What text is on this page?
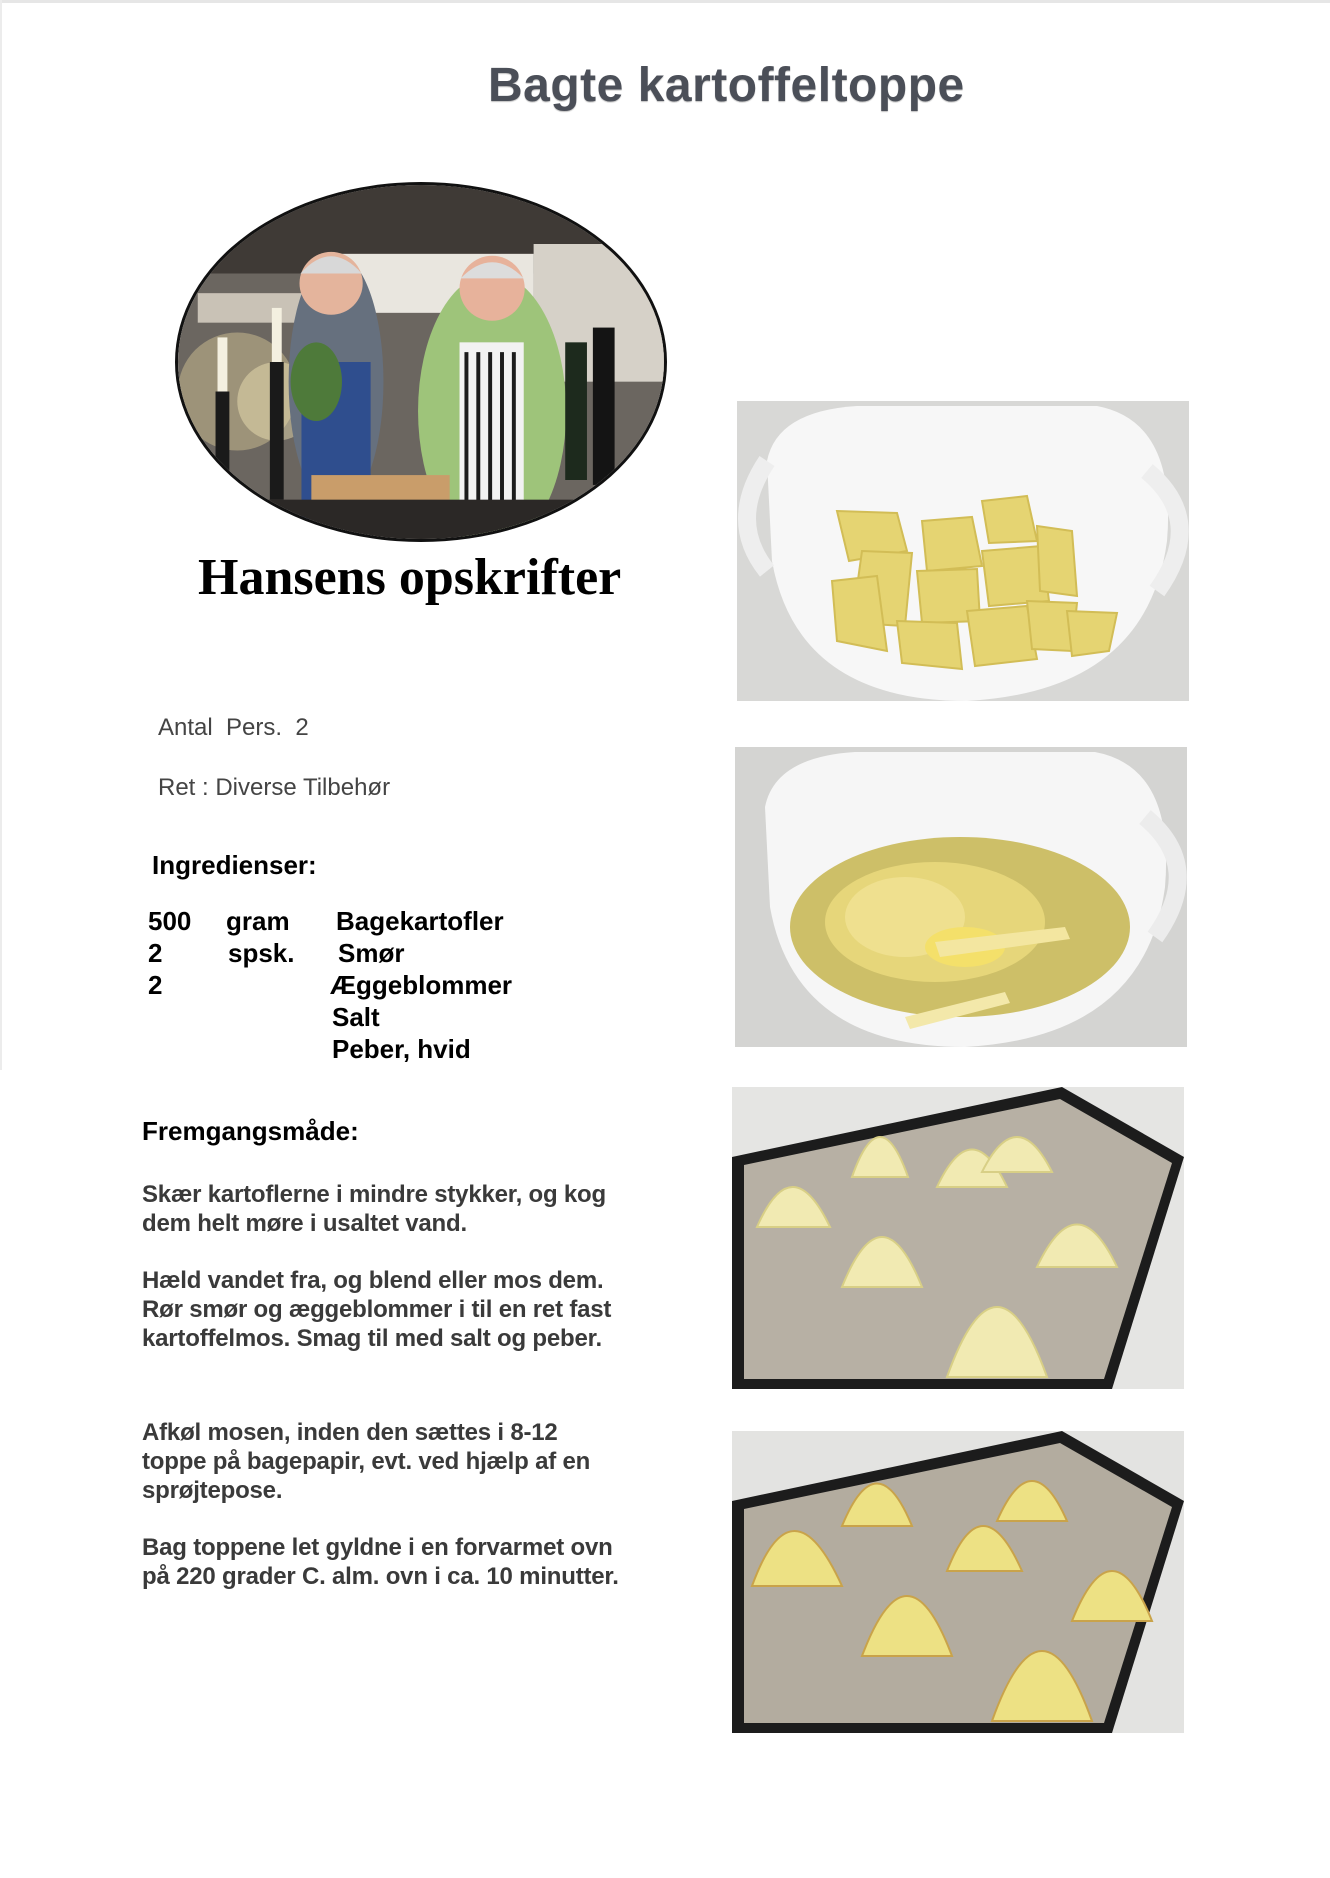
Bagte kartoffeltoppe
Hansens opskrifter
Antal  Pers.  2
Ret : Diverse Tilbehør
Ingredienser:
500 gram Bagekartofler
2	spsk. Smør
2	Æggeblommer
Salt
Peber, hvid
Fremgangsmåde:
Skær kartoflerne i mindre stykker, og kog dem helt møre i usaltet vand.
Hæld vandet fra, og blend eller mos dem. Rør smør og æggeblommer i til en ret fast kartoffelmos. Smag til med salt og peber.
Afkøl mosen, inden den sættes i 8-12 toppe på bagepapir, evt. ved hjælp af en sprøjtepose.
Bag toppene let gyldne i en forvarmet ovn på 220 grader C. alm. ovn i ca. 10 minutter.
